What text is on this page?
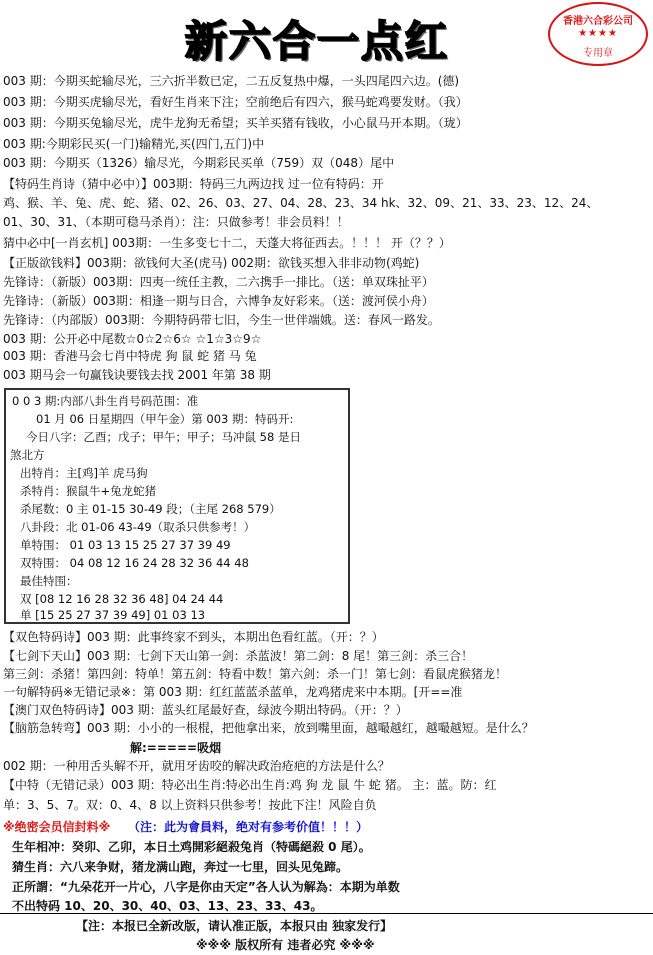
新六合一点红	香港六合彩公司
★★★★
专用章
003 期：今期买蛇输尽光，三六折半数已定，二五反复热中爆，一头四尾四六边。(德)
003 期：今期买虎输尽光，看好生肖来下注；空前绝后有四六，猴马蛇鸡要发财。（我）
003 期：今期买兔输尽光，虎牛龙狗无希望；买羊买猪有钱收，小心鼠马开本期。（珑）
003 期:今期彩民买(一门)输精光,买(四门,五门)中
003 期：今期买（1326）输尽光，今期彩民买单（759）双（048）尾中
【特码生肖诗（猜中必中）】003期：特码三九两边找 过一位有特码：开
鸡、猴、羊、兔、虎、蛇、猪、02、26、03、27、04、28、23、34 hk、32、09、21、33、23、12、24、
01、30、31、（本期可稳马杀肖）：注：只做参考！非会员料！！
猜中必中[一肖玄机] 003期：一生多变七十二，天蓬大将征西去。！！！ 开（？？）
【正版欲钱料】003期：欲钱何大圣(虎马) 002期：欲钱买想入非非动物(鸡蛇)
先锋诗：（新版）003期：四夷一统任主教，二六携手一排比。（送：单双珠扯平）
先锋诗：（新版）003期：相逢一期与日合，六博争友好彩来。（送：渡河侯小舟）
先锋诗：（内部版）003期：今期特码带七旧，今生一世伴端娥。送：春风一路发。
003 期：公开必中尾数☆0☆2☆6☆ ☆1☆3☆9☆
003 期：香港马会七肖中特虎 狗 鼠 蛇 猪 马 兔
003 期马会一句赢钱诀要钱去找 2001 年第 38 期
0 0 3 期:内部八卦生肖号码范围：准
01 月 06 日星期四（甲午金）第 003 期：特码开:
今日八字：乙酉；戊子；甲午；甲子；马冲鼠 58 是日
煞北方
出特肖：主[鸡]羊 虎马狗
杀特肖：猴鼠牛+兔龙蛇猪
杀尾数：0 主 01-15 30-49 段；（主尾 268 579）
八卦段：北 01-06 43-49（取杀只供参考！）
单特围： 01 03 13 15 25 27 37 39 49
双特围： 04 08 12 16 24 28 32 36 44 48
最佳特围：
双 [08 12 16 28 32 36 48] 04 24 44
单 [15 25 27 37 39 49] 01 03 13
【双色特码诗】003 期：此事终家不到头，本期出色看红蓝。（开：？）
【七剑下天山】003 期：七剑下天山第一剑：杀蓝波！第二剑：8 尾！第三剑：杀三合！
第三剑：杀猪！第四剑：特单！第五剑：特看中数！第六剑：杀一门！第七剑：看鼠虎猴猪龙！
一句解特码※无错记录※：第 003 期：红红蓝蓝杀蓝单，龙鸡猪虎来中本期。[开==准
【澳门双色特码诗】003 期：蓝头红尾最好查，绿波今期出特码。（开：？）
【脑筋急转弯】003 期：小小的一根棍，把他拿出来，放到嘴里面，越嘬越红，越嘬越短。是什么？
解:=====吸烟
002 期：一种用舌头解不开，就用牙齿咬的解决政治疮疤的方法是什么？
【中特（无错记录）003 期：特必出生肖:特必出生肖:鸡 狗 龙 鼠 牛 蛇 猪。 主：蓝。防：红
单：3、5、7。双：0、4、8 以上资料只供参考！按此下注！风险自负
※绝密会员信封料※ （注：此为會員料，绝对有参考价值！！！）
生年相冲：癸卯、乙卯，本日土鸡開彩絕殺兔肖（特碼絕殺 0 尾）。
猜生肖：六八来争财，猪龙满山跑，奔过一七里，回头见兔蹄。
正所謂：“九朵花开一片心，八字是你由天定”各人认为解為：本期为单数
不出特码 10、20、30、40、03、13、23、33、43。
【注：本报已全新改版，请认准正版，本报只由 独家发行】
※※※ 版权所有 违者必究 ※※※
